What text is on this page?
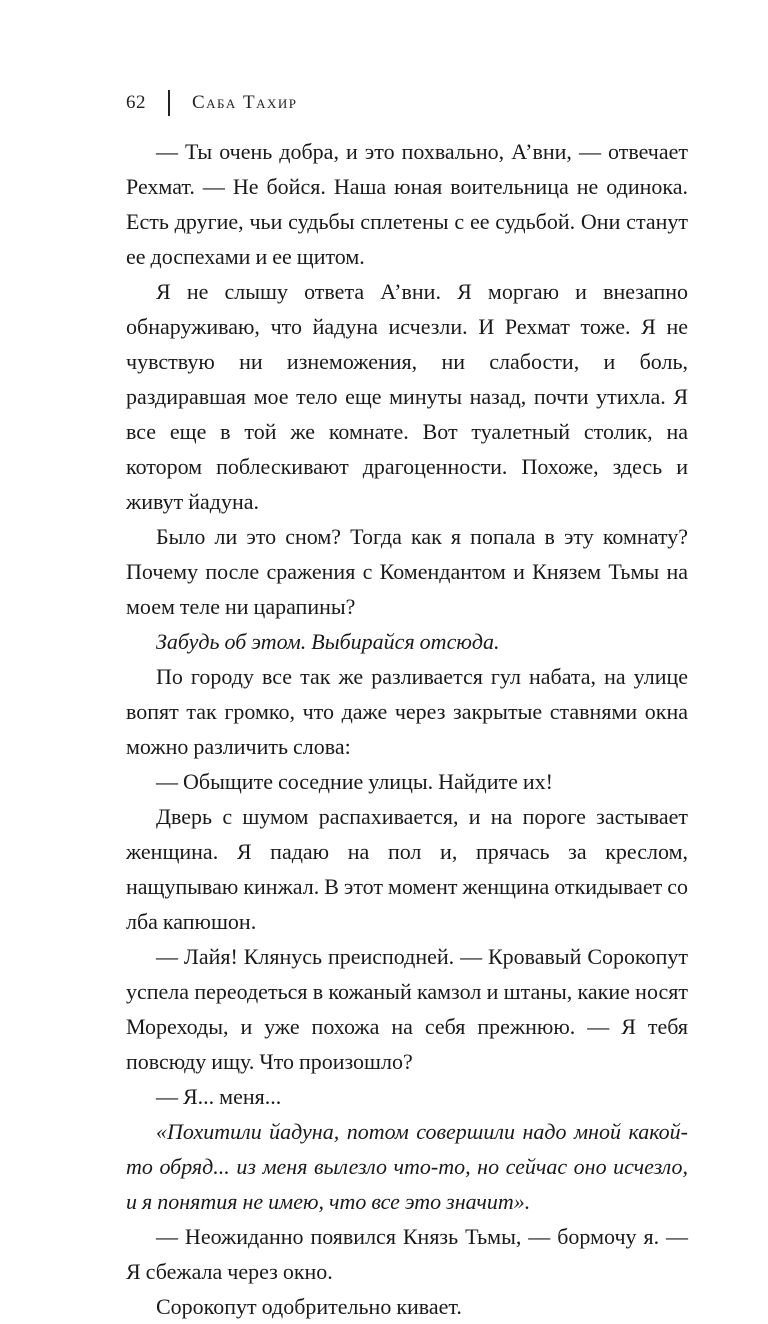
62 Саба Тахир

— Ты очень добра, и это похвально, А’вни, — отвечает Рехмат. — Не бойся. Наша юная воительница не одинока. Есть другие, чьи судьбы сплетены с ее судьбой. Они станут ее доспехами и ее щитом.

Я не слышу ответа А’вни. Я моргаю и внезапно обнаруживаю, что йадуна исчезли. И Рехмат тоже. Я не чувствую ни изнеможения, ни слабости, и боль, раздиравшая мое тело еще минуты назад, почти утихла. Я все еще в той же комнате. Вот туалетный столик, на котором поблескивают драгоценности. Похоже, здесь и живут йадуна.

Было ли это сном? Тогда как я попала в эту комнату? Почему после сражения с Комендантом и Князем Тьмы на моем теле ни царапины?

Забудь об этом. Выбирайся отсюда.

По городу все так же разливается гул набата, на улице вопят так громко, что даже через закрытые ставнями окна можно различить слова:

— Обыщите соседние улицы. Найдите их!

Дверь с шумом распахивается, и на пороге застывает женщина. Я падаю на пол и, прячась за креслом, нащупываю кинжал. В этот момент женщина откидывает со лба капюшон.

— Лайя! Клянусь преисподней. — Кровавый Сорокопут успела переодеться в кожаный камзол и штаны, какие носят Мореходы, и уже похожа на себя прежнюю. — Я тебя повсюду ищу. Что произошло?

— Я... меня...

«Похитили йадуна, потом совершили надо мной какой-то обряд... из меня вылезло что-то, но сейчас оно исчезло, и я понятия не имею, что все это значит».

— Неожиданно появился Князь Тьмы, — бормочу я. — Я сбежала через окно.

Сорокопут одобрительно кивает.
